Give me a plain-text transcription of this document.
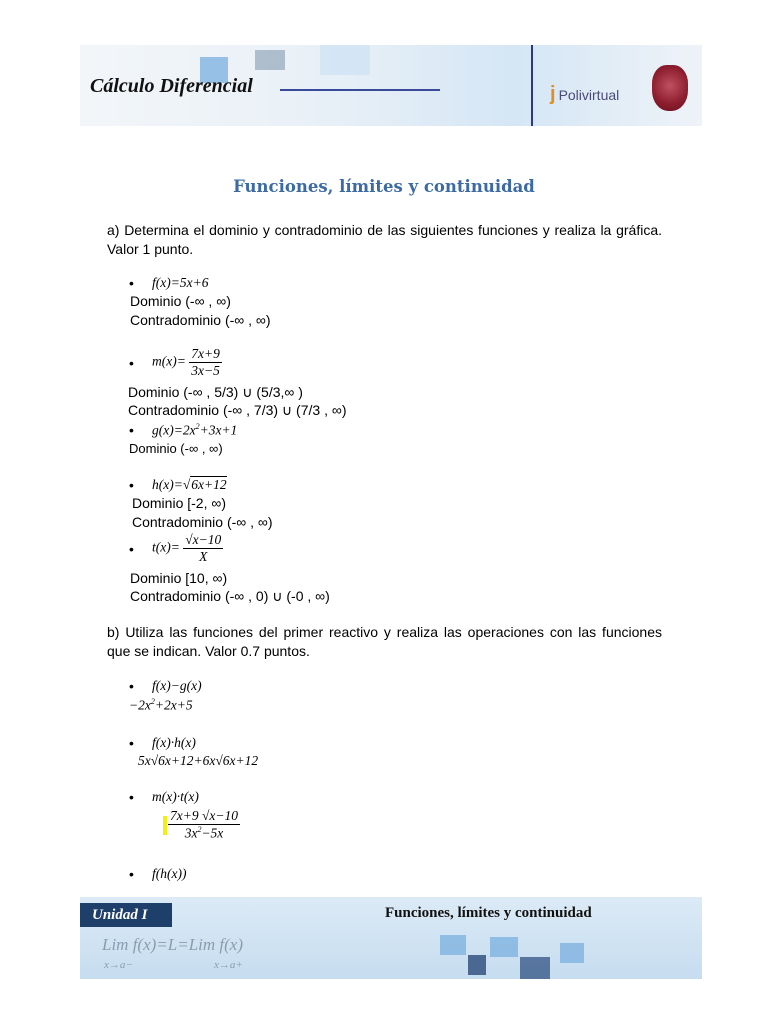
Cálculo Diferencial	j Polivirtual
Funciones, límites y continuidad
a) Determina el dominio y contradominio de las siguientes funciones y realiza la gráfica. Valor 1 punto.
• f(x)=5x+6
Dominio (-∞ , ∞)
Contradominio (-∞ , ∞)
• $m(x)= \frac{7x+9}{3x-5}$
Dominio (-∞ , 5/3) ∪ (5/3,∞ )
Contradominio (-∞ , 7/3) ∪ (7/3 , ∞)
• $g(x)=2x^2+3x+1$
Dominio (-∞ , ∞)
• h(x)=√6x+12
Dominio [-2, ∞)
Contradominio (-∞ , ∞)
• $t(x)= \frac{√x-10}{X}$
Dominio [10, ∞)
Contradominio (-∞ , 0) ∪ (-0 , ∞)
b) Utiliza las funciones del primer reactivo y realiza las operaciones con las funciones que se indican. Valor 0.7 puntos.
• f(x)−g(x)
$-2x^2+2x+5$
• f(x)·h(x)
5x√6x+12+6x√6x+12
• m(x)·t(x)
$\frac{7x+9 √x-10}{3x^2-5x}$
• f(h(x))
Unidad I	Funciones, límites y continuidad
Lim f(x)=L=Lim f(x)
x→a−	x→a+
